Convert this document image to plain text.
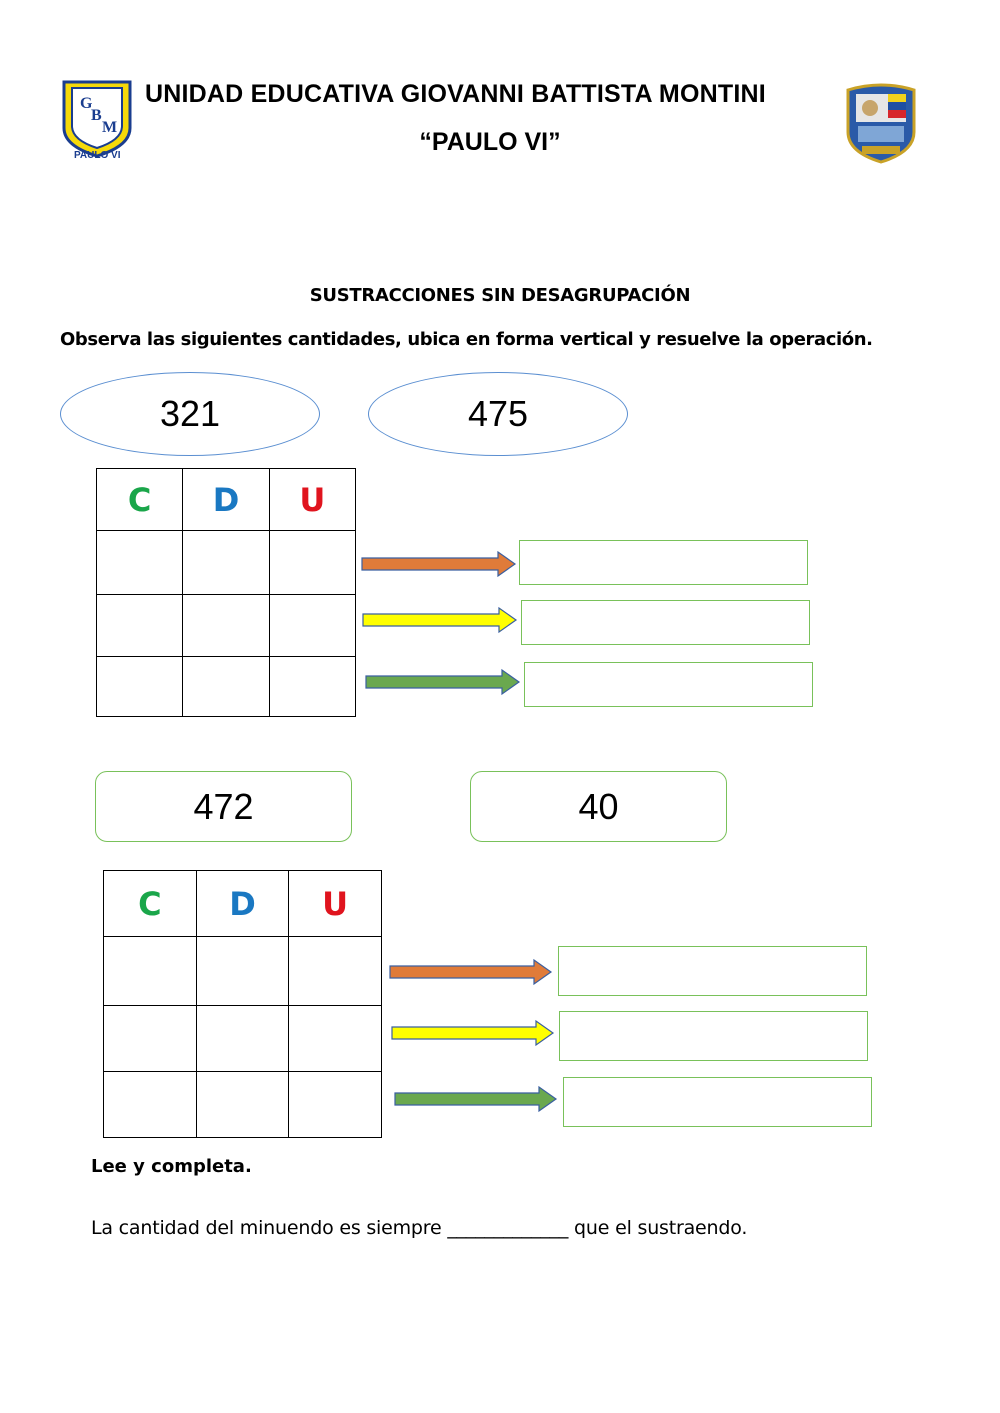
G
B
M
PAULO VI
UNIDAD EDUCATIVA GIOVANNI BATTISTA MONTINI
“PAULO VI”
SUSTRACCIONES SIN DESAGRUPACIÓN
Observa las siguientes cantidades, ubica en forma vertical y resuelve la operación.
321	475
C	D	U

472	40
C	D	U

Lee y completa.
La cantidad del minuendo es siempre _____________ que el sustraendo.
